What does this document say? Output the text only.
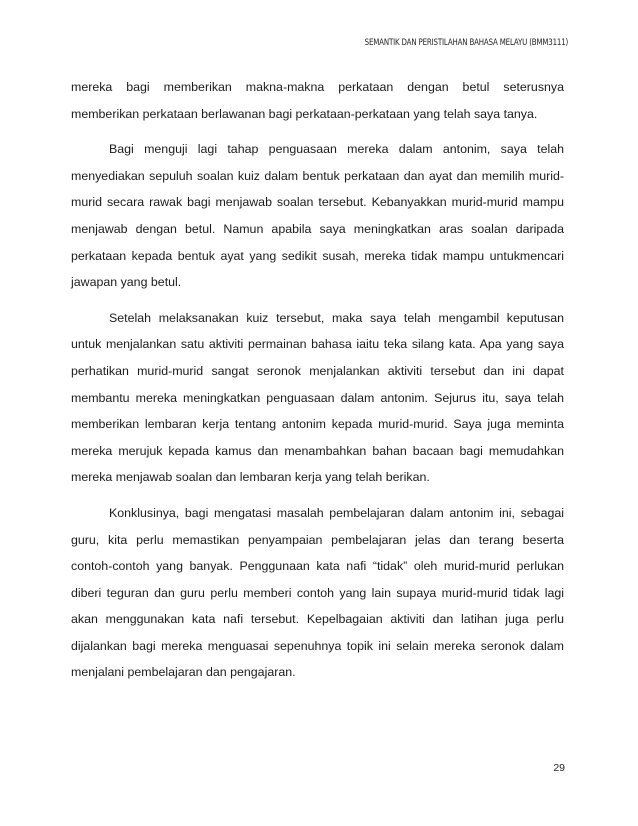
SEMANTIK DAN PERISTILAHAN BAHASA MELAYU (BMM3111)

mereka bagi memberikan makna-makna perkataan dengan betul seterusnya
memberikan perkataan berlawanan bagi perkataan-perkataan yang telah saya tanya.

Bagi menguji lagi tahap penguasaan mereka dalam antonim, saya telah
menyediakan sepuluh soalan kuiz dalam bentuk perkataan dan ayat dan memilih murid-
murid secara rawak bagi menjawab soalan tersebut. Kebanyakkan murid-murid mampu
menjawab dengan betul. Namun apabila saya meningkatkan aras soalan daripada
perkataan kepada bentuk ayat yang sedikit susah, mereka tidak mampu untukmencari
jawapan yang betul.

Setelah melaksanakan kuiz tersebut, maka saya telah mengambil keputusan
untuk menjalankan satu aktiviti permainan bahasa iaitu teka silang kata. Apa yang saya
perhatikan murid-murid sangat seronok menjalankan aktiviti tersebut dan ini dapat
membantu mereka meningkatkan penguasaan dalam antonim. Sejurus itu, saya telah
memberikan lembaran kerja tentang antonim kepada murid-murid. Saya juga meminta
mereka merujuk kepada kamus dan menambahkan bahan bacaan bagi memudahkan
mereka menjawab soalan dan lembaran kerja yang telah berikan.

Konklusinya, bagi mengatasi masalah pembelajaran dalam antonim ini, sebagai
guru, kita perlu memastikan penyampaian pembelajaran jelas dan terang beserta
contoh-contoh yang banyak. Penggunaan kata nafi “tidak” oleh murid-murid perlukan
diberi teguran dan guru perlu memberi contoh yang lain supaya murid-murid tidak lagi
akan menggunakan kata nafi tersebut. Kepelbagaian aktiviti dan latihan juga perlu
dijalankan bagi mereka menguasai sepenuhnya topik ini selain mereka seronok dalam
menjalani pembelajaran dan pengajaran.

29
